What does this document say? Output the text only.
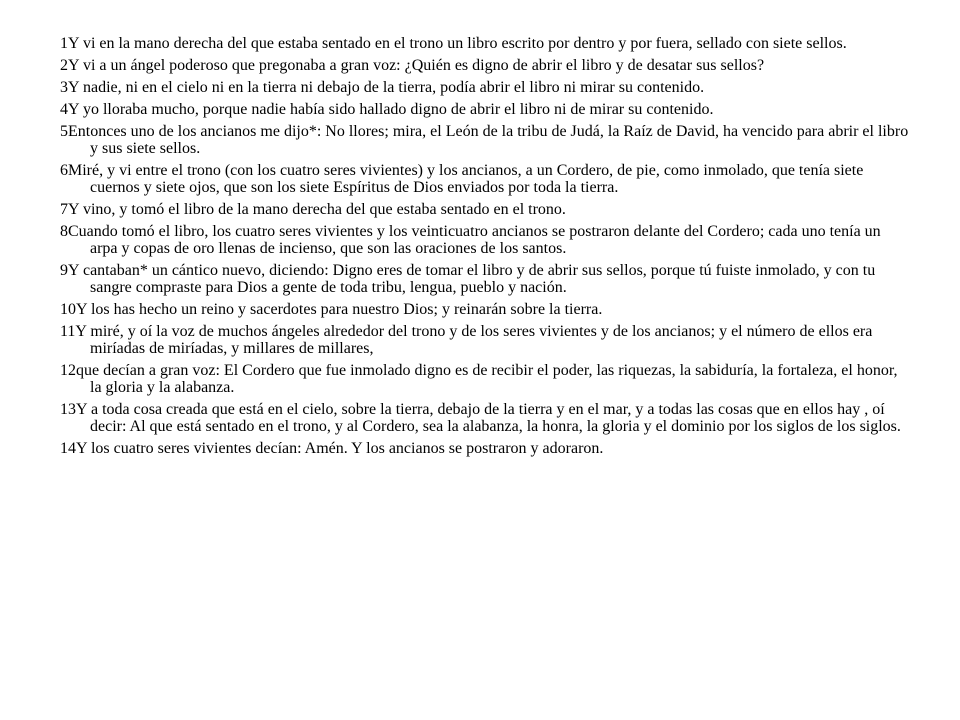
1Y vi en la mano derecha del que estaba sentado en el trono un libro escrito por dentro y por fuera, sellado con siete sellos.

2Y vi a un ángel poderoso que pregonaba a gran voz: ¿Quién es digno de abrir el libro y de desatar sus sellos?

3Y nadie, ni en el cielo ni en la tierra ni debajo de la tierra, podía abrir el libro ni mirar su contenido.

4Y yo lloraba mucho, porque nadie había sido hallado digno de abrir el libro ni de mirar su contenido.

5Entonces uno de los ancianos me dijo*: No llores; mira, el León de la tribu de Judá, la Raíz de David, ha vencido para abrir el libro y sus siete sellos.

6Miré, y vi entre el trono (con los cuatro seres vivientes) y los ancianos, a un Cordero, de pie, como inmolado, que tenía siete cuernos y siete ojos, que son los siete Espíritus de Dios enviados por toda la tierra.

7Y vino, y tomó el libro de la mano derecha del que estaba sentado en el trono.

8Cuando tomó el libro, los cuatro seres vivientes y los veinticuatro ancianos se postraron delante del Cordero; cada uno tenía un arpa y copas de oro llenas de incienso, que son las oraciones de los santos.

9Y cantaban* un cántico nuevo, diciendo: Digno eres de tomar el libro y de abrir sus sellos, porque tú fuiste inmolado, y con tu sangre compraste para Dios a gente de toda tribu, lengua, pueblo y nación.

10Y los has hecho un reino y sacerdotes para nuestro Dios; y reinarán sobre la tierra.

11Y miré, y oí la voz de muchos ángeles alrededor del trono y de los seres vivientes y de los ancianos; y el número de ellos era miríadas de miríadas, y millares de millares,

12que decían a gran voz: El Cordero que fue inmolado digno es de recibir el poder, las riquezas, la sabiduría, la fortaleza, el honor, la gloria y la alabanza.

13Y a toda cosa creada que está en el cielo, sobre la tierra, debajo de la tierra y en el mar, y a todas las cosas que en ellos hay , oí decir: Al que está sentado en el trono, y al Cordero, sea la alabanza, la honra, la gloria y el dominio por los siglos de los siglos.

14Y los cuatro seres vivientes decían: Amén. Y los ancianos se postraron y adoraron.
